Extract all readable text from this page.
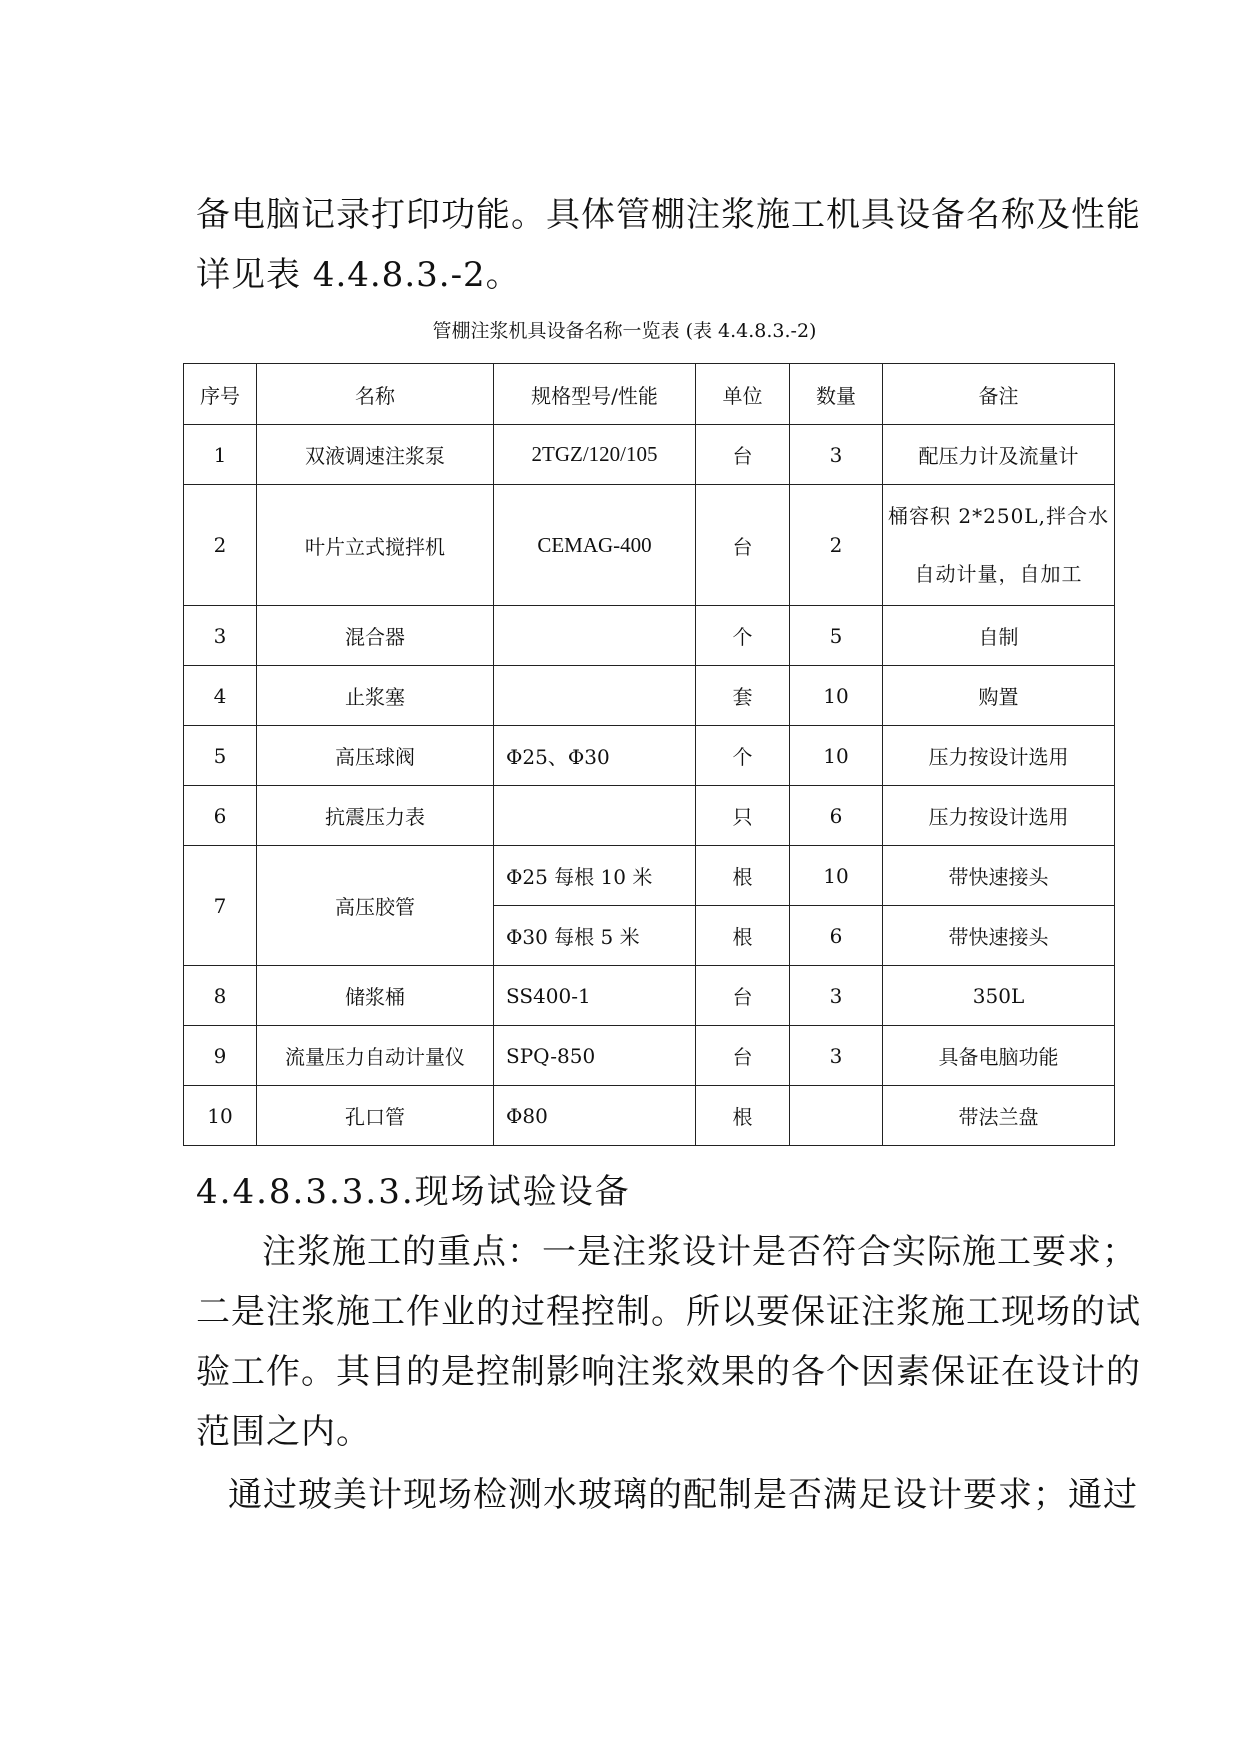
备电脑记录打印功能。具体管棚注浆施工机具设备名称及性能
详见表 4.4.8.3.-2。
管棚注浆机具设备名称一览表 (表 4.4.8.3.-2)
序号	名称	规格型号/性能	单位	数量	备注
1	双液调速注浆泵	2TGZ/120/105	台	3	配压力计及流量计
2	叶片立式搅拌机	CEMAG-400	台	2	桶容积 2*250L,拌合水自动计量，自加工
3	混合器		个	5	自制
4	止浆塞		套	10	购置
5	高压球阀	Φ25、Φ30	个	10	压力按设计选用
6	抗震压力表		只	6	压力按设计选用
7	高压胶管	Φ25 每根 10 米	根	10	带快速接头
		Φ30 每根 5 米	根	6	带快速接头
8	储浆桶	SS400-1	台	3	350L
9	流量压力自动计量仪	SPQ-850	台	3	具备电脑功能
10	孔口管	Φ80	根		带法兰盘
4.4.8.3.3.3.现场试验设备
注浆施工的重点：一是注浆设计是否符合实际施工要求；
二是注浆施工作业的过程控制。所以要保证注浆施工现场的试
验工作。其目的是控制影响注浆效果的各个因素保证在设计的
范围之内。
通过玻美计现场检测水玻璃的配制是否满足设计要求；通过
